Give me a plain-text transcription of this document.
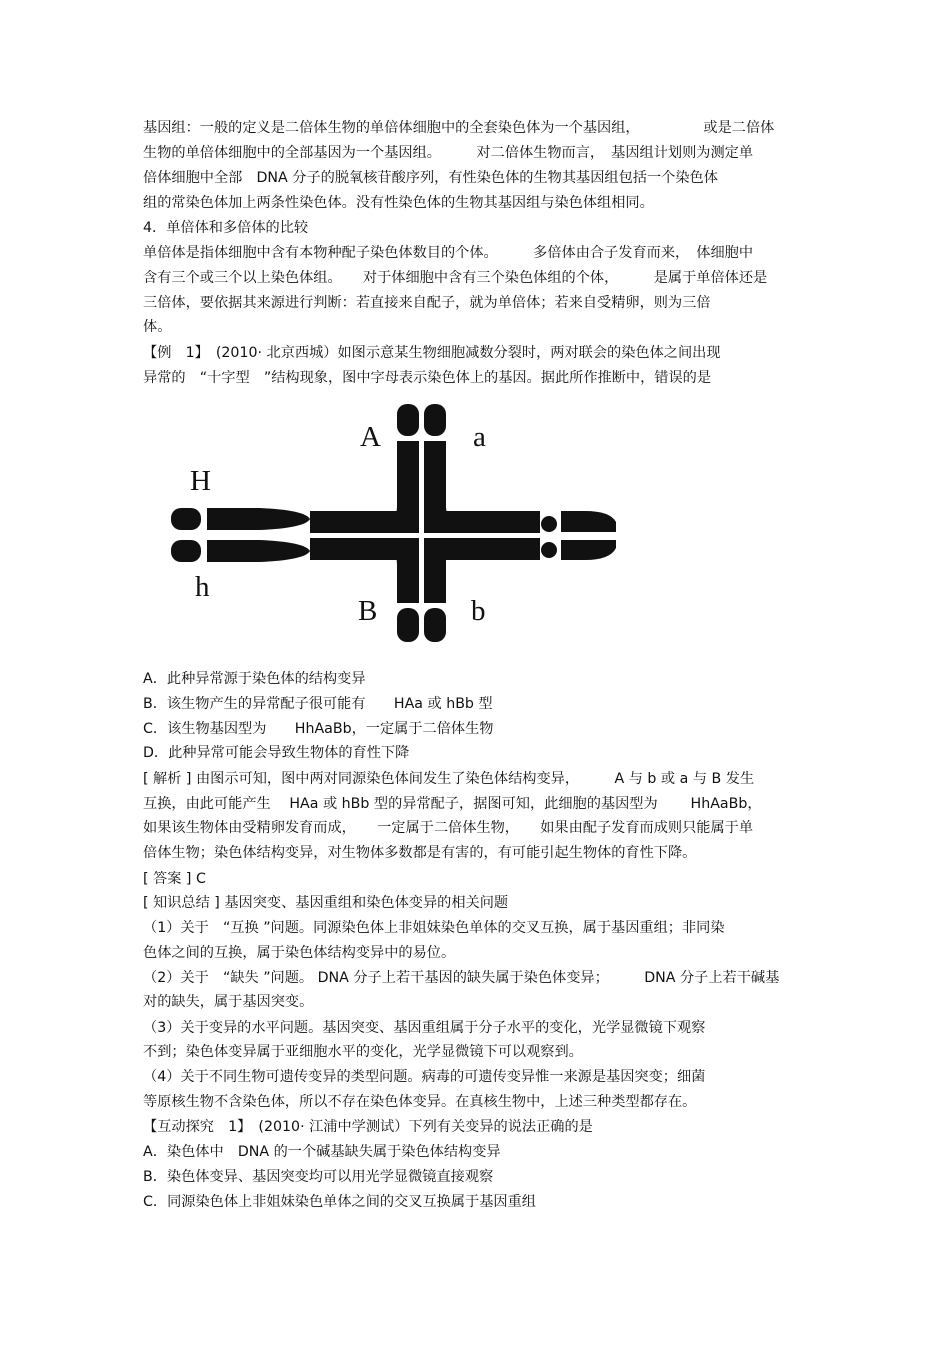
基因组：一般的定义是二倍体生物的单倍体细胞中的全套染色体为一个基因组，　　　　　或是二倍体
生物的单倍体细胞中的全部基因为一个基因组。　　　对二倍体生物而言，　基因组计划则为测定单
倍体细胞中全部　DNA 分子的脱氧核苷酸序列，有性染色体的生物其基因组包括一个染色体
组的常染色体加上两条性染色体。没有性染色体的生物其基因组与染色体组相同。
4．单倍体和多倍体的比较
单倍体是指体细胞中含有本物种配子染色体数目的个体。　　　多倍体由合子发育而来，　体细胞中
含有三个或三个以上染色体组。　　对于体细胞中含有三个染色体组的个体，　　　是属于单倍体还是
三倍体，要依据其来源进行判断：若直接来自配子，就为单倍体；若来自受精卵，则为三倍
体。
【例　1】　(2010· 北京西城）如图示意某生物细胞减数分裂时，两对联会的染色体之间出现
异常的　“十字型　”结构现象，图中字母表示染色体上的基因。据此所作推断中，错误的是
A	a
H
h
B	b
A．此种异常源于染色体的结构变异
B．该生物产生的异常配子很可能有　　HAa 或 hBb 型
C．该生物基因型为　　HhAaBb，一定属于二倍体生物
D．此种异常可能会导致生物体的育性下降
[ 解析 ] 由图示可知，图中两对同源染色体间发生了染色体结构变异，　　　A 与 b 或 a 与 B 发生
互换，由此可能产生　 HAa 或 hBb 型的异常配子，据图可知，此细胞的基因型为　　 HhAaBb，
如果该生物体由受精卵发育而成，　　一定属于二倍体生物，　　如果由配子发育而成则只能属于单
倍体生物；染色体结构变异，对生物体多数都是有害的，有可能引起生物体的育性下降。
[ 答案 ] C
[ 知识总结 ] 基因突变、基因重组和染色体变异的相关问题
（1）关于　“互换 ”问题。同源染色体上非姐妹染色单体的交叉互换，属于基因重组；非同染
色体之间的互换，属于染色体结构变异中的易位。
（2）关于　“缺失 ”问题。 DNA 分子上若干基因的缺失属于染色体变异；　　　DNA 分子上若干碱基
对的缺失，属于基因突变。
（3）关于变异的水平问题。基因突变、基因重组属于分子水平的变化，光学显微镜下观察
不到；染色体变异属于亚细胞水平的变化，光学显微镜下可以观察到。
（4）关于不同生物可遗传变异的类型问题。病毒的可遗传变异惟一来源是基因突变；细菌
等原核生物不含染色体，所以不存在染色体变异。在真核生物中，上述三种类型都存在。
【互动探究　1】　(2010· 江浦中学测试）下列有关变异的说法正确的是
A．染色体中　DNA 的一个碱基缺失属于染色体结构变异
B．染色体变异、基因突变均可以用光学显微镜直接观察
C．同源染色体上非姐妹染色单体之间的交叉互换属于基因重组
